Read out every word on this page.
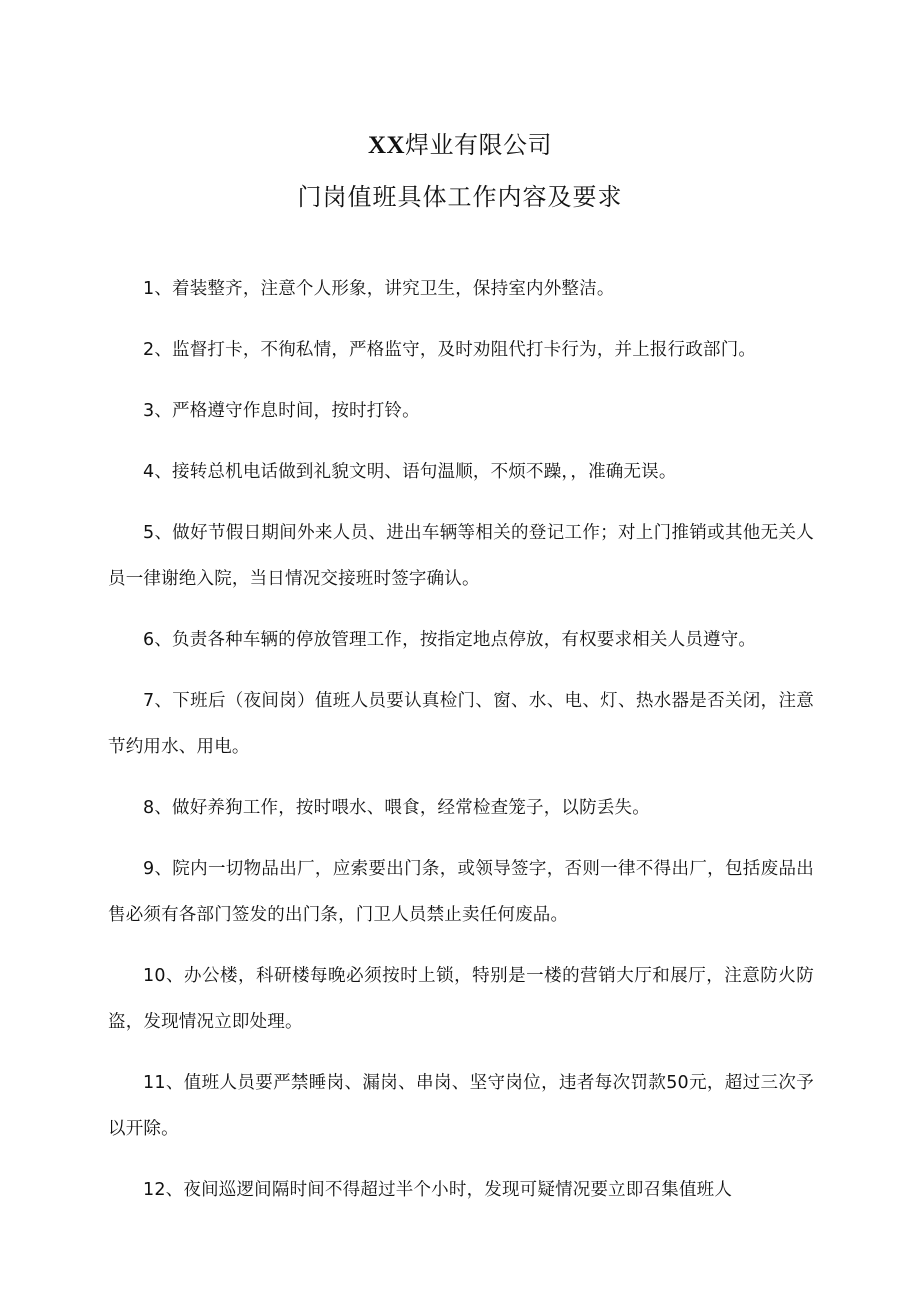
XX焊业有限公司
门岗值班具体工作内容及要求

1、着装整齐，注意个人形象，讲究卫生，保持室内外整洁。

2、监督打卡，不徇私情，严格监守，及时劝阻代打卡行为，并上报行政部门。

3、严格遵守作息时间，按时打铃。

4、接转总机电话做到礼貌文明、语句温顺，不烦不躁，，准确无误。

5、做好节假日期间外来人员、进出车辆等相关的登记工作；对上门推销或其他无关人员一律谢绝入院，当日情况交接班时签字确认。

6、负责各种车辆的停放管理工作，按指定地点停放，有权要求相关人员遵守。

7、下班后（夜间岗）值班人员要认真检门、窗、水、电、灯、热水器是否关闭，注意节约用水、用电。

8、做好养狗工作，按时喂水、喂食，经常检查笼子，以防丢失。

9、院内一切物品出厂，应索要出门条，或领导签字，否则一律不得出厂，包括废品出售必须有各部门签发的出门条，门卫人员禁止卖任何废品。

10、办公楼，科研楼每晚必须按时上锁，特别是一楼的营销大厅和展厅，注意防火防盗，发现情况立即处理。

11、值班人员要严禁睡岗、漏岗、串岗、坚守岗位，违者每次罚款50元，超过三次予以开除。

12、夜间巡逻间隔时间不得超过半个小时，发现可疑情况要立即召集值班人
